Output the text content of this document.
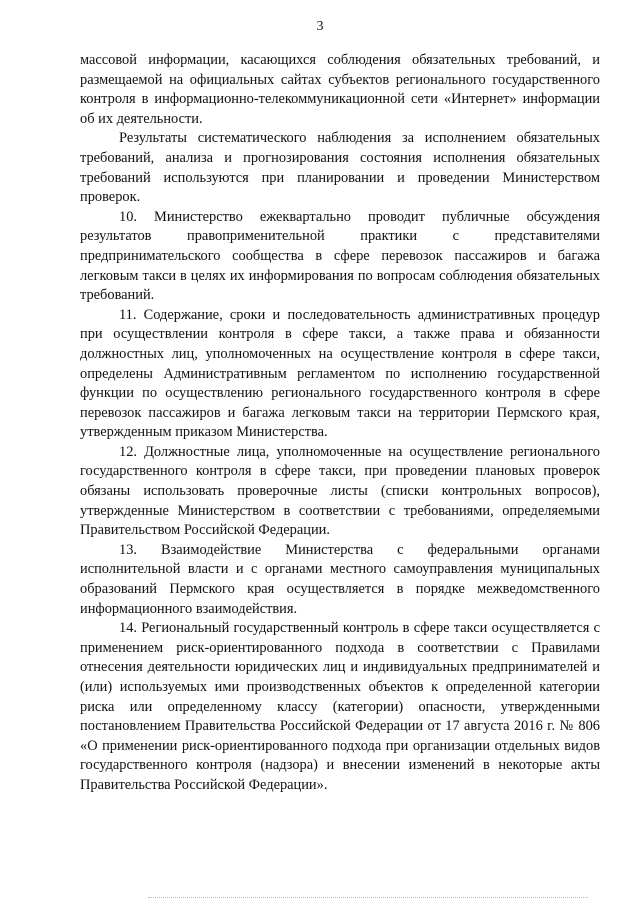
3

массовой информации, касающихся соблюдения обязательных требований, и размещаемой на официальных сайтах субъектов регионального государственного контроля в информационно-телекоммуникационной сети «Интернет» информации об их деятельности.

Результаты систематического наблюдения за исполнением обязательных требований, анализа и прогнозирования состояния исполнения обязательных требований используются при планировании и проведении Министерством проверок.

10. Министерство ежеквартально проводит публичные обсуждения результатов правоприменительной практики с представителями предпринимательского сообщества в сфере перевозок пассажиров и багажа легковым такси в целях их информирования по вопросам соблюдения обязательных требований.

11. Содержание, сроки и последовательность административных процедур при осуществлении контроля в сфере такси, а также права и обязанности должностных лиц, уполномоченных на осуществление контроля в сфере такси, определены Административным регламентом по исполнению государственной функции по осуществлению регионального государственного контроля в сфере перевозок пассажиров и багажа легковым такси на территории Пермского края, утвержденным приказом Министерства.

12. Должностные лица, уполномоченные на осуществление регионального государственного контроля в сфере такси, при проведении плановых проверок обязаны использовать проверочные листы (списки контрольных вопросов), утвержденные Министерством в соответствии с требованиями, определяемыми Правительством Российской Федерации.

13. Взаимодействие Министерства с федеральными органами исполнительной власти и с органами местного самоуправления муниципальных образований Пермского края осуществляется в порядке межведомственного информационного взаимодействия.

14. Региональный государственный контроль в сфере такси осуществляется с применением риск-ориентированного подхода в соответствии с Правилами отнесения деятельности юридических лиц и индивидуальных предпринимателей и (или) используемых ими производственных объектов к определенной категории риска или определенному классу (категории) опасности, утвержденными постановлением Правительства Российской Федерации от 17 августа 2016 г. № 806 «О применении риск-ориентированного подхода при организации отдельных видов государственного контроля (надзора) и внесении изменений в некоторые акты Правительства Российской Федерации».
